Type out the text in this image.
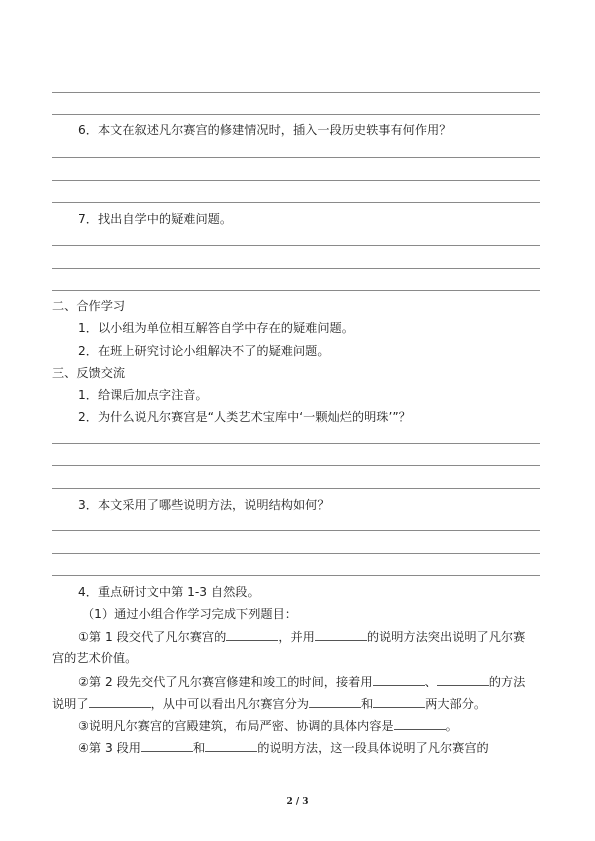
6．本文在叙述凡尔赛宫的修建情况时，插入一段历史轶事有何作用？
7．找出自学中的疑难问题。
二、合作学习
1．以小组为单位相互解答自学中存在的疑难问题。
2．在班上研究讨论小组解决不了的疑难问题。
三、反馈交流
1．给课后加点字注音。
2．为什么说凡尔赛宫是“人类艺术宝库中‘一颗灿烂的明珠’”？
3．本文采用了哪些说明方法，说明结构如何？
4．重点研讨文中第 1-3 自然段。
（1）通过小组合作学习完成下列题目：
①第 1 段交代了凡尔赛宫的	，并用	的说明方法突出说明了凡尔赛
宫的艺术价值。
②第 2 段先交代了凡尔赛宫修建和竣工的时间，接着用	、	的方法
说明了	，从中可以看出凡尔赛宫分为	和	两大部分。
③说明凡尔赛宫的宫殿建筑，布局严密、协调的具体内容是	。
④第 3 段用	和	的说明方法，这一段具体说明了凡尔赛宫的
2 / 3
